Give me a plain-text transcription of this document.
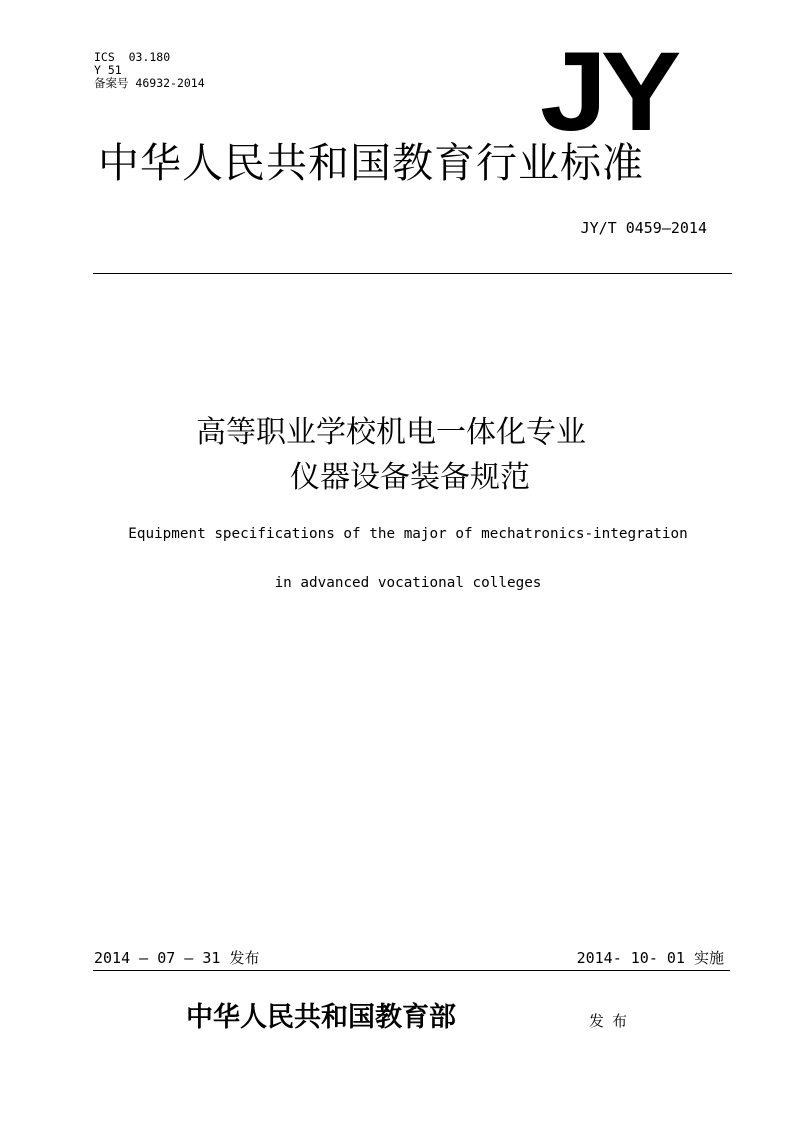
ICS  03.180
Y 51
备案号 46932-2014	JY
中华人民共和国教育行业标准
JY/T 0459—2014
高等职业学校机电一体化专业
仪器设备装备规范
Equipment specifications of the major of mechatronics-integration
in advanced vocational colleges
2014 – 07 – 31 发布	2014- 10- 01 实施
中华人民共和国教育部	发布
